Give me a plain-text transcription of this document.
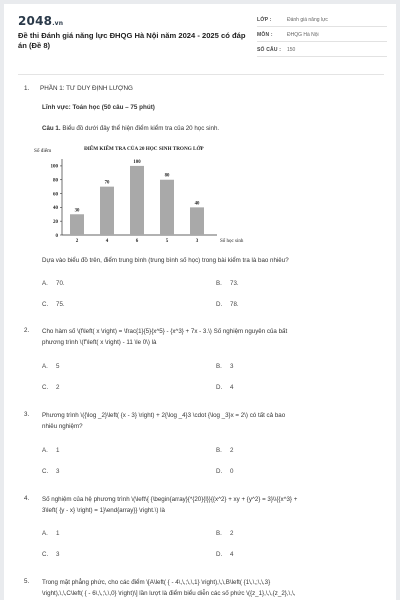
2048.vn
Đề thi Đánh giá năng lực ĐHQG Hà Nội năm 2024 - 2025 có đáp án (Đề 8)
LỚP :	Đánh giá năng lực
MÔN :	ĐHQG Hà Nội
SỐ CÂU : 150
1. PHẦN 1: TƯ DUY ĐỊNH LƯỢNG
Lĩnh vực: Toán học (50 câu – 75 phút)
Câu 1. Biểu đồ dưới đây thể hiện điểm kiểm tra của 20 học sinh.
ĐIỂM KIỂM TRA CỦA 20 HỌC SINH TRONG LỚP
Số điểm
Số học sinh
0
20
40
60
80
100
30
2
70
4
100
6
80
5
40
3
Dựa vào biểu đồ trên, điểm trung bình (trung bình số học) trong bài kiểm tra là bao nhiêu?
A. 70.	B. 73.
C. 75.	D. 78.
2. Cho hàm số \(f\left( x \right) = \frac{1}{5}{x^5} - {x^3} + 7x - 3.\) Số nghiệm nguyên của bất
phương trình \(f'\left( x \right) - 11 \le 0\) là
A. 5	B. 3
C. 2	D. 4
3. Phương trình \({\log _2}\left( {x - 3} \right) + 2{\log _4}3 \cdot {\log _3}x = 2\) có tất cả bao
nhiêu nghiệm?
A. 1	B. 2
C. 3	D. 0
4. Số nghiệm của hệ phương trình \(\left\{ {\begin{array}{*{20}{l}}{{x^2} + xy + {y^2} = 3}\\{{x^3} +
3\left( {y - x} \right) = 1}\end{array}} \right.\) là
A. 1	B. 2
C. 3	D. 4
5. Trong mặt phẳng phức, cho các điểm \[A\left( { - 4\,\,;\,\,1} \right),\,\,B\left( {1\,\,;\,\,3}
\right),\,\,C\left( { - 6\,\,;\,\,0} \right)\] lần lượt là điểm biểu diễn các số phức \({z_1},\,\,{z_2},\,\,
